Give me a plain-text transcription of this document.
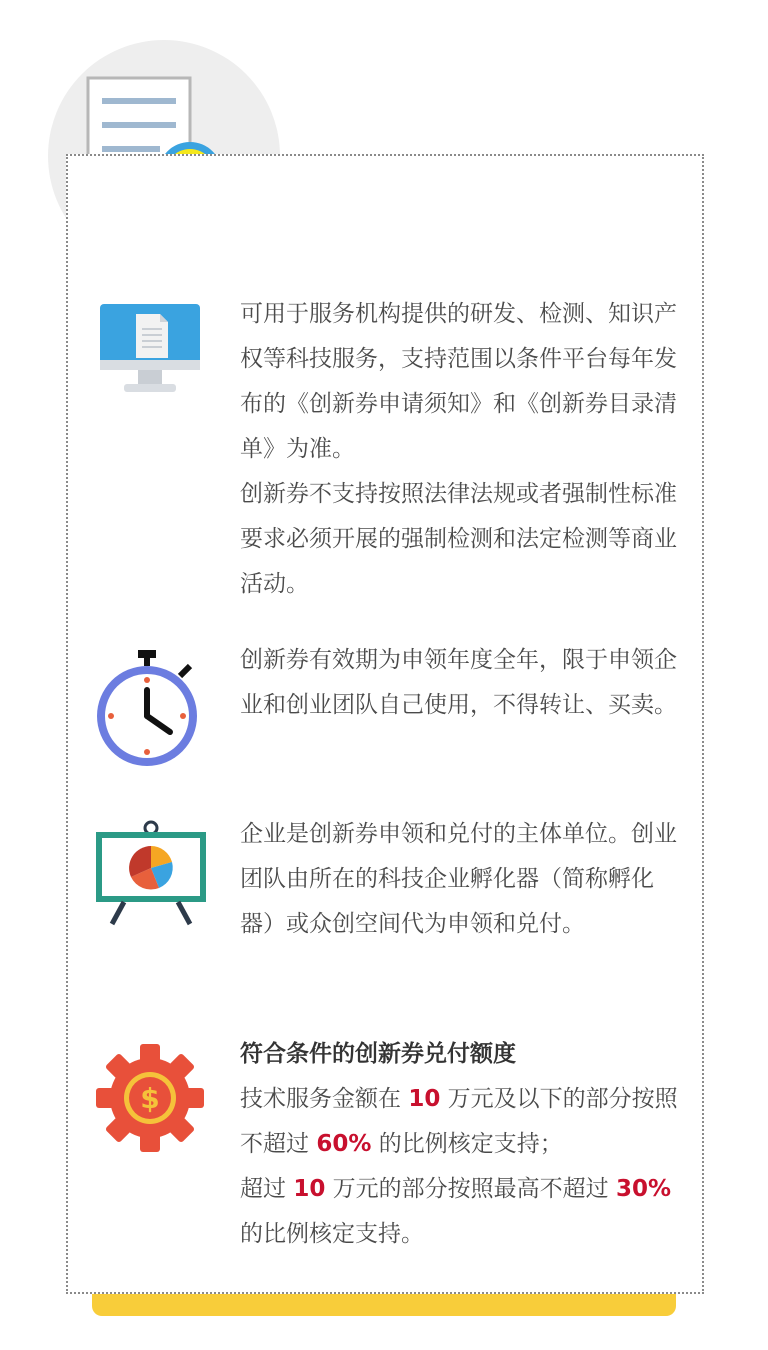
可用于服务机构提供的研发、检测、知识产权等科技服务，支持范围以条件平台每年发布的《创新券申请须知》和《创新券目录清单》为准。

创新券不支持按照法律法规或者强制性标准要求必须开展的强制检测和法定检测等商业活动。

创新券有效期为申领年度全年，限于申领企业和创业团队自己使用，不得转让、买卖。

企业是创新券申领和兑付的主体单位。创业团队由所在的科技企业孵化器（简称孵化器）或众创空间代为申领和兑付。

$

符合条件的创新券兑付额度

技术服务金额在 10 万元及以下的部分按照不超过 60% 的比例核定支持；

超过 10 万元的部分按照最高不超过 30% 的比例核定支持。
